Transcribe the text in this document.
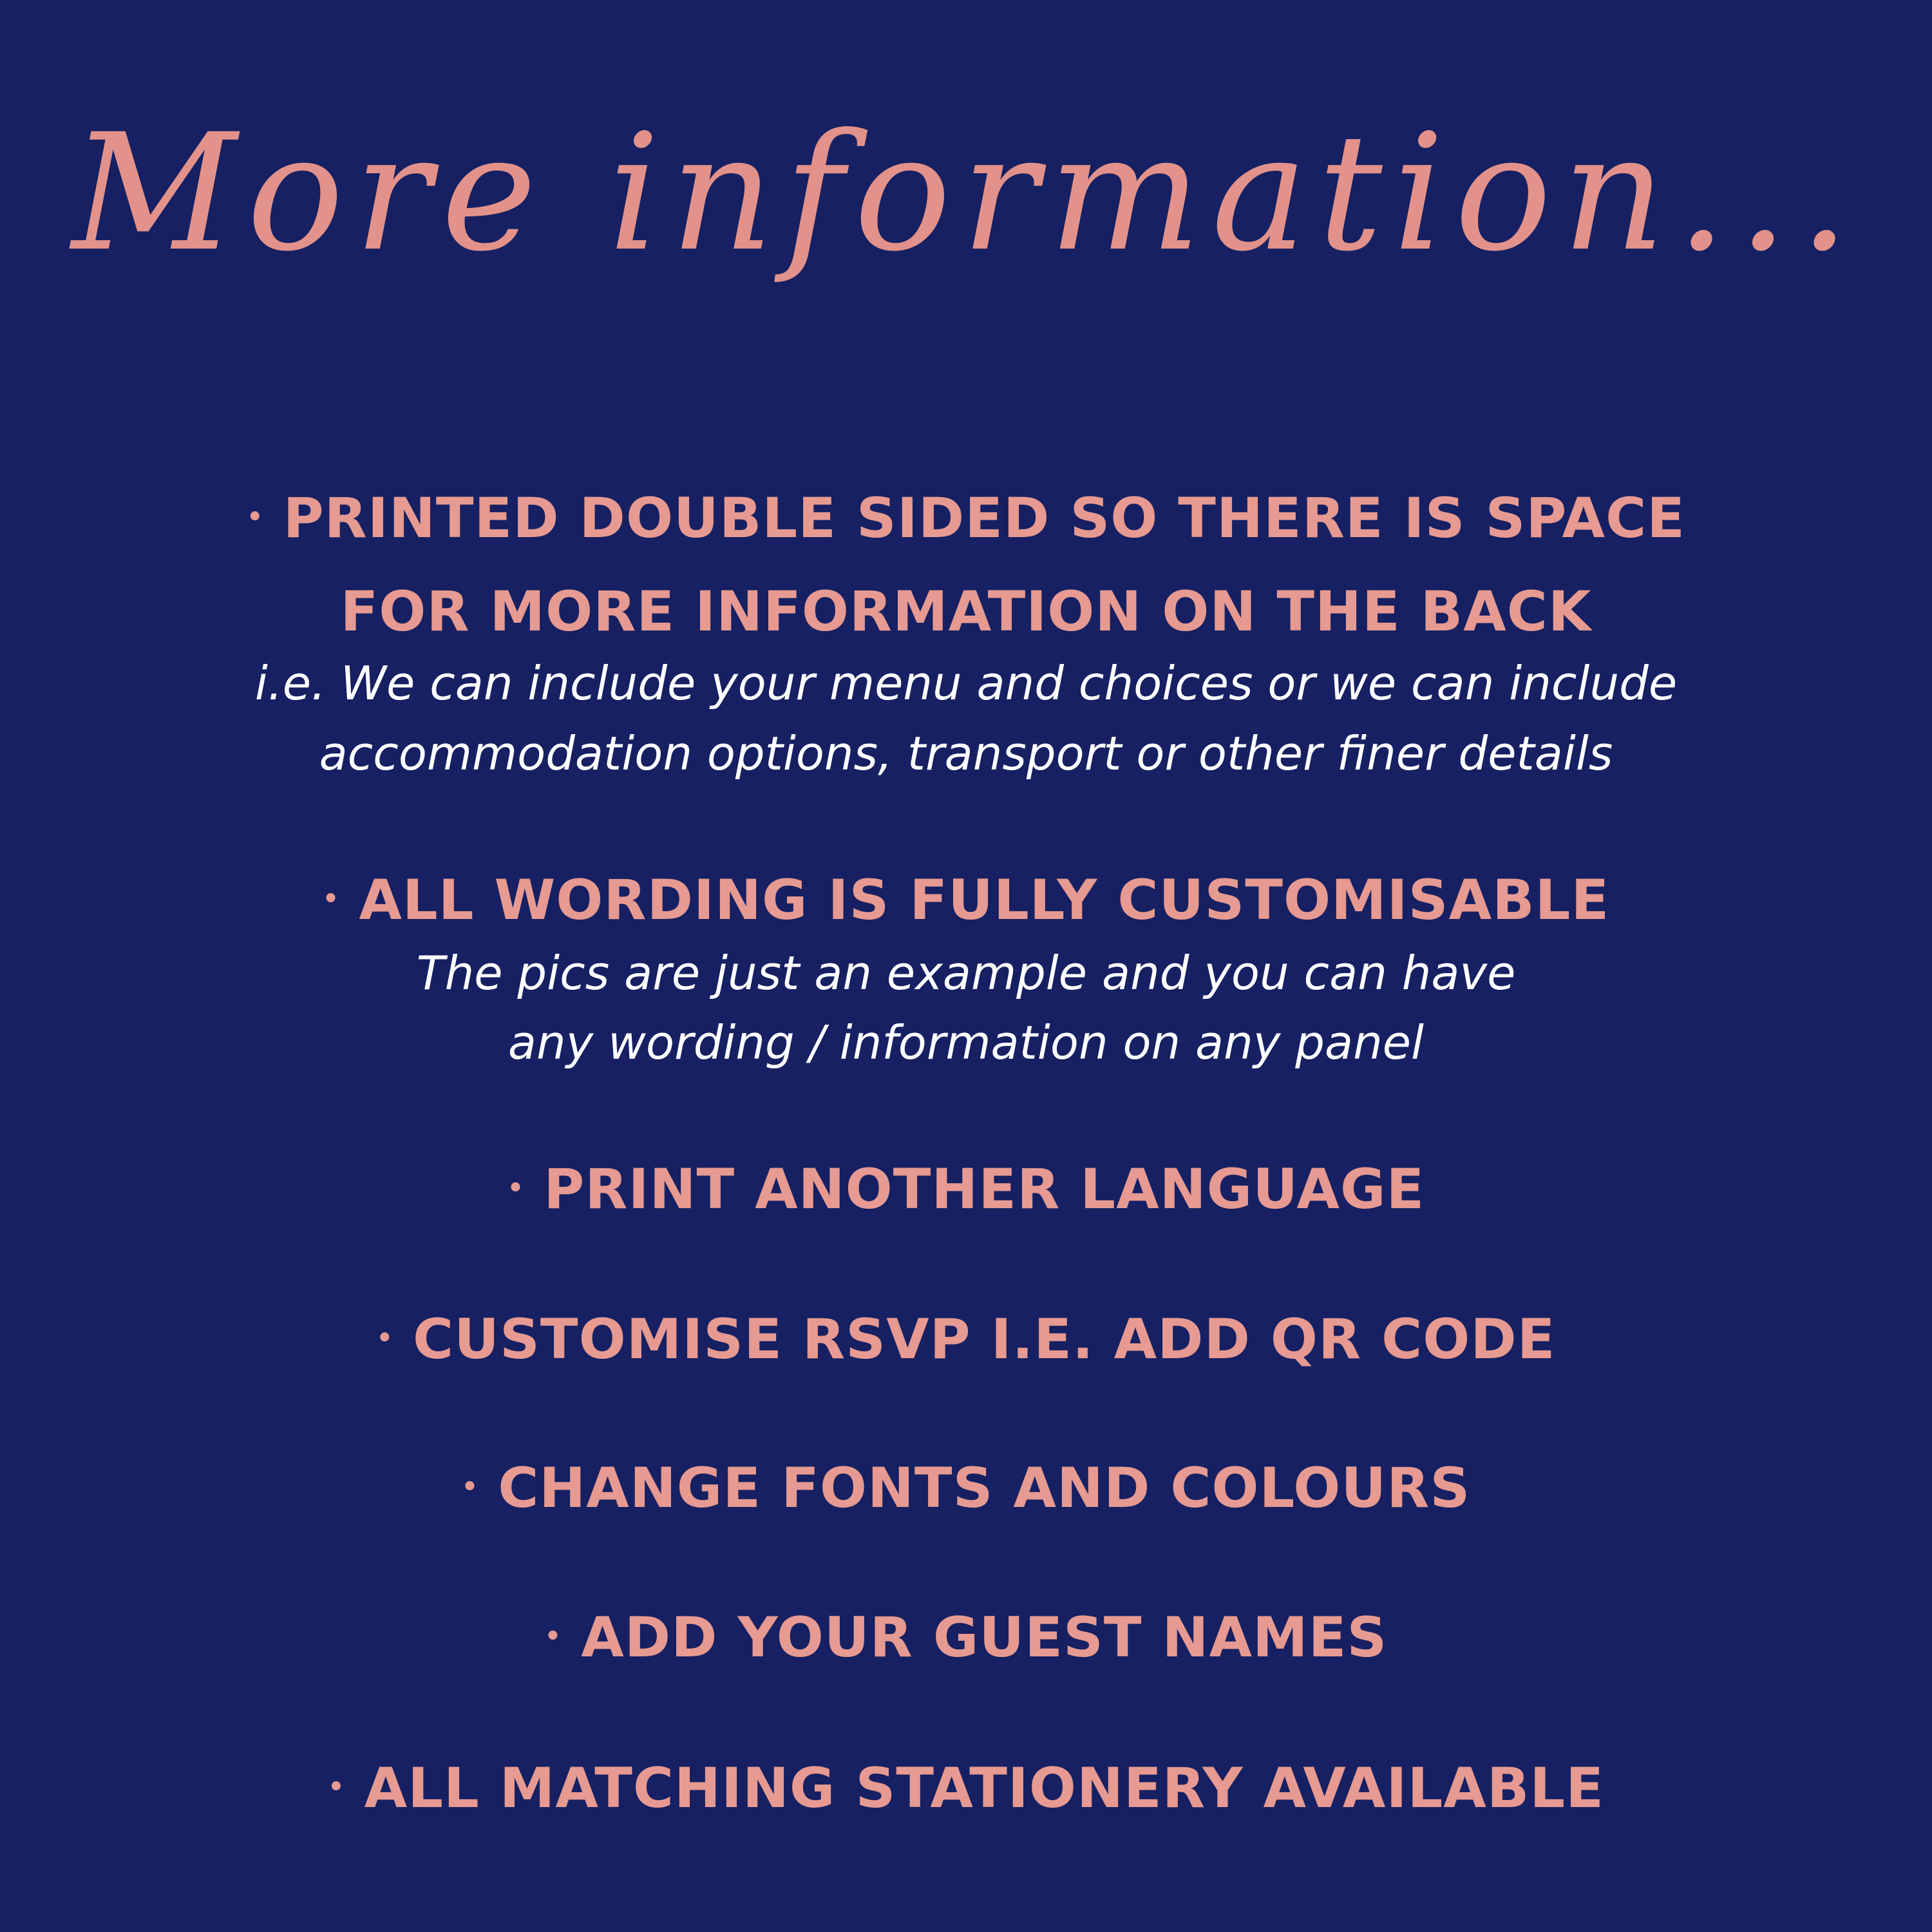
More information...
• PRINTED DOUBLE SIDED SO THERE IS SPACE
FOR MORE INFORMATION ON THE BACK
i.e. We can include your menu and choices or we can include
accommodation options, transport or other finer details
• ALL WORDING IS FULLY CUSTOMISABLE
The pics are just an example and you can have
any wording / information on any panel
• PRINT ANOTHER LANGUAGE
• CUSTOMISE RSVP I.E. ADD QR CODE
• CHANGE FONTS AND COLOURS
• ADD YOUR GUEST NAMES
• ALL MATCHING STATIONERY AVAILABLE
